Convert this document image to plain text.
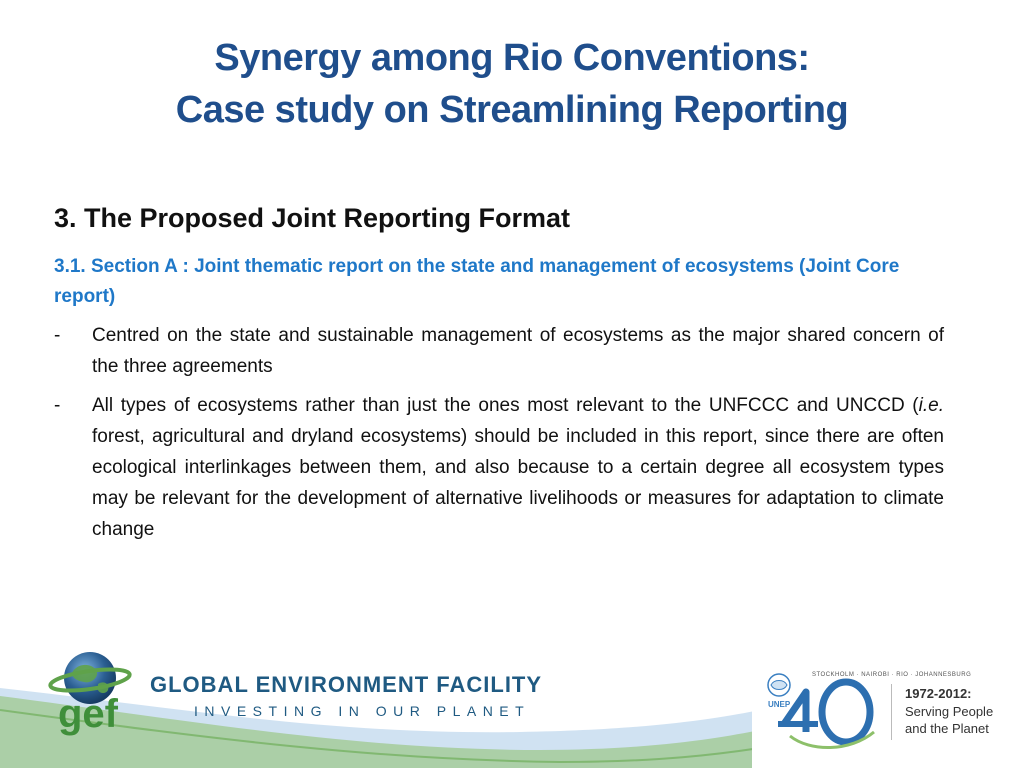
Synergy among Rio Conventions:
Case study on Streamlining Reporting
3. The Proposed Joint Reporting Format
3.1. Section A : Joint thematic report on the state and management of ecosystems (Joint Core report)
- Centred on the state and sustainable management of ecosystems as the major shared concern of the three agreements
- All types of ecosystems rather than just the ones most relevant to the UNFCCC and UNCCD (i.e. forest, agricultural and dryland ecosystems) should be included in this report, since there are often ecological interlinkages between them, and also because to a certain degree all ecosystem types may be relevant for the development of alternative livelihoods or measures for adaptation to climate change
gef
GLOBAL ENVIRONMENT FACILITY
INVESTING IN OUR PLANET	UNEP
STOCKHOLM · NAIROBI · RIO · JOHANNESBURG
1972-2012:
Serving People
and the Planet
